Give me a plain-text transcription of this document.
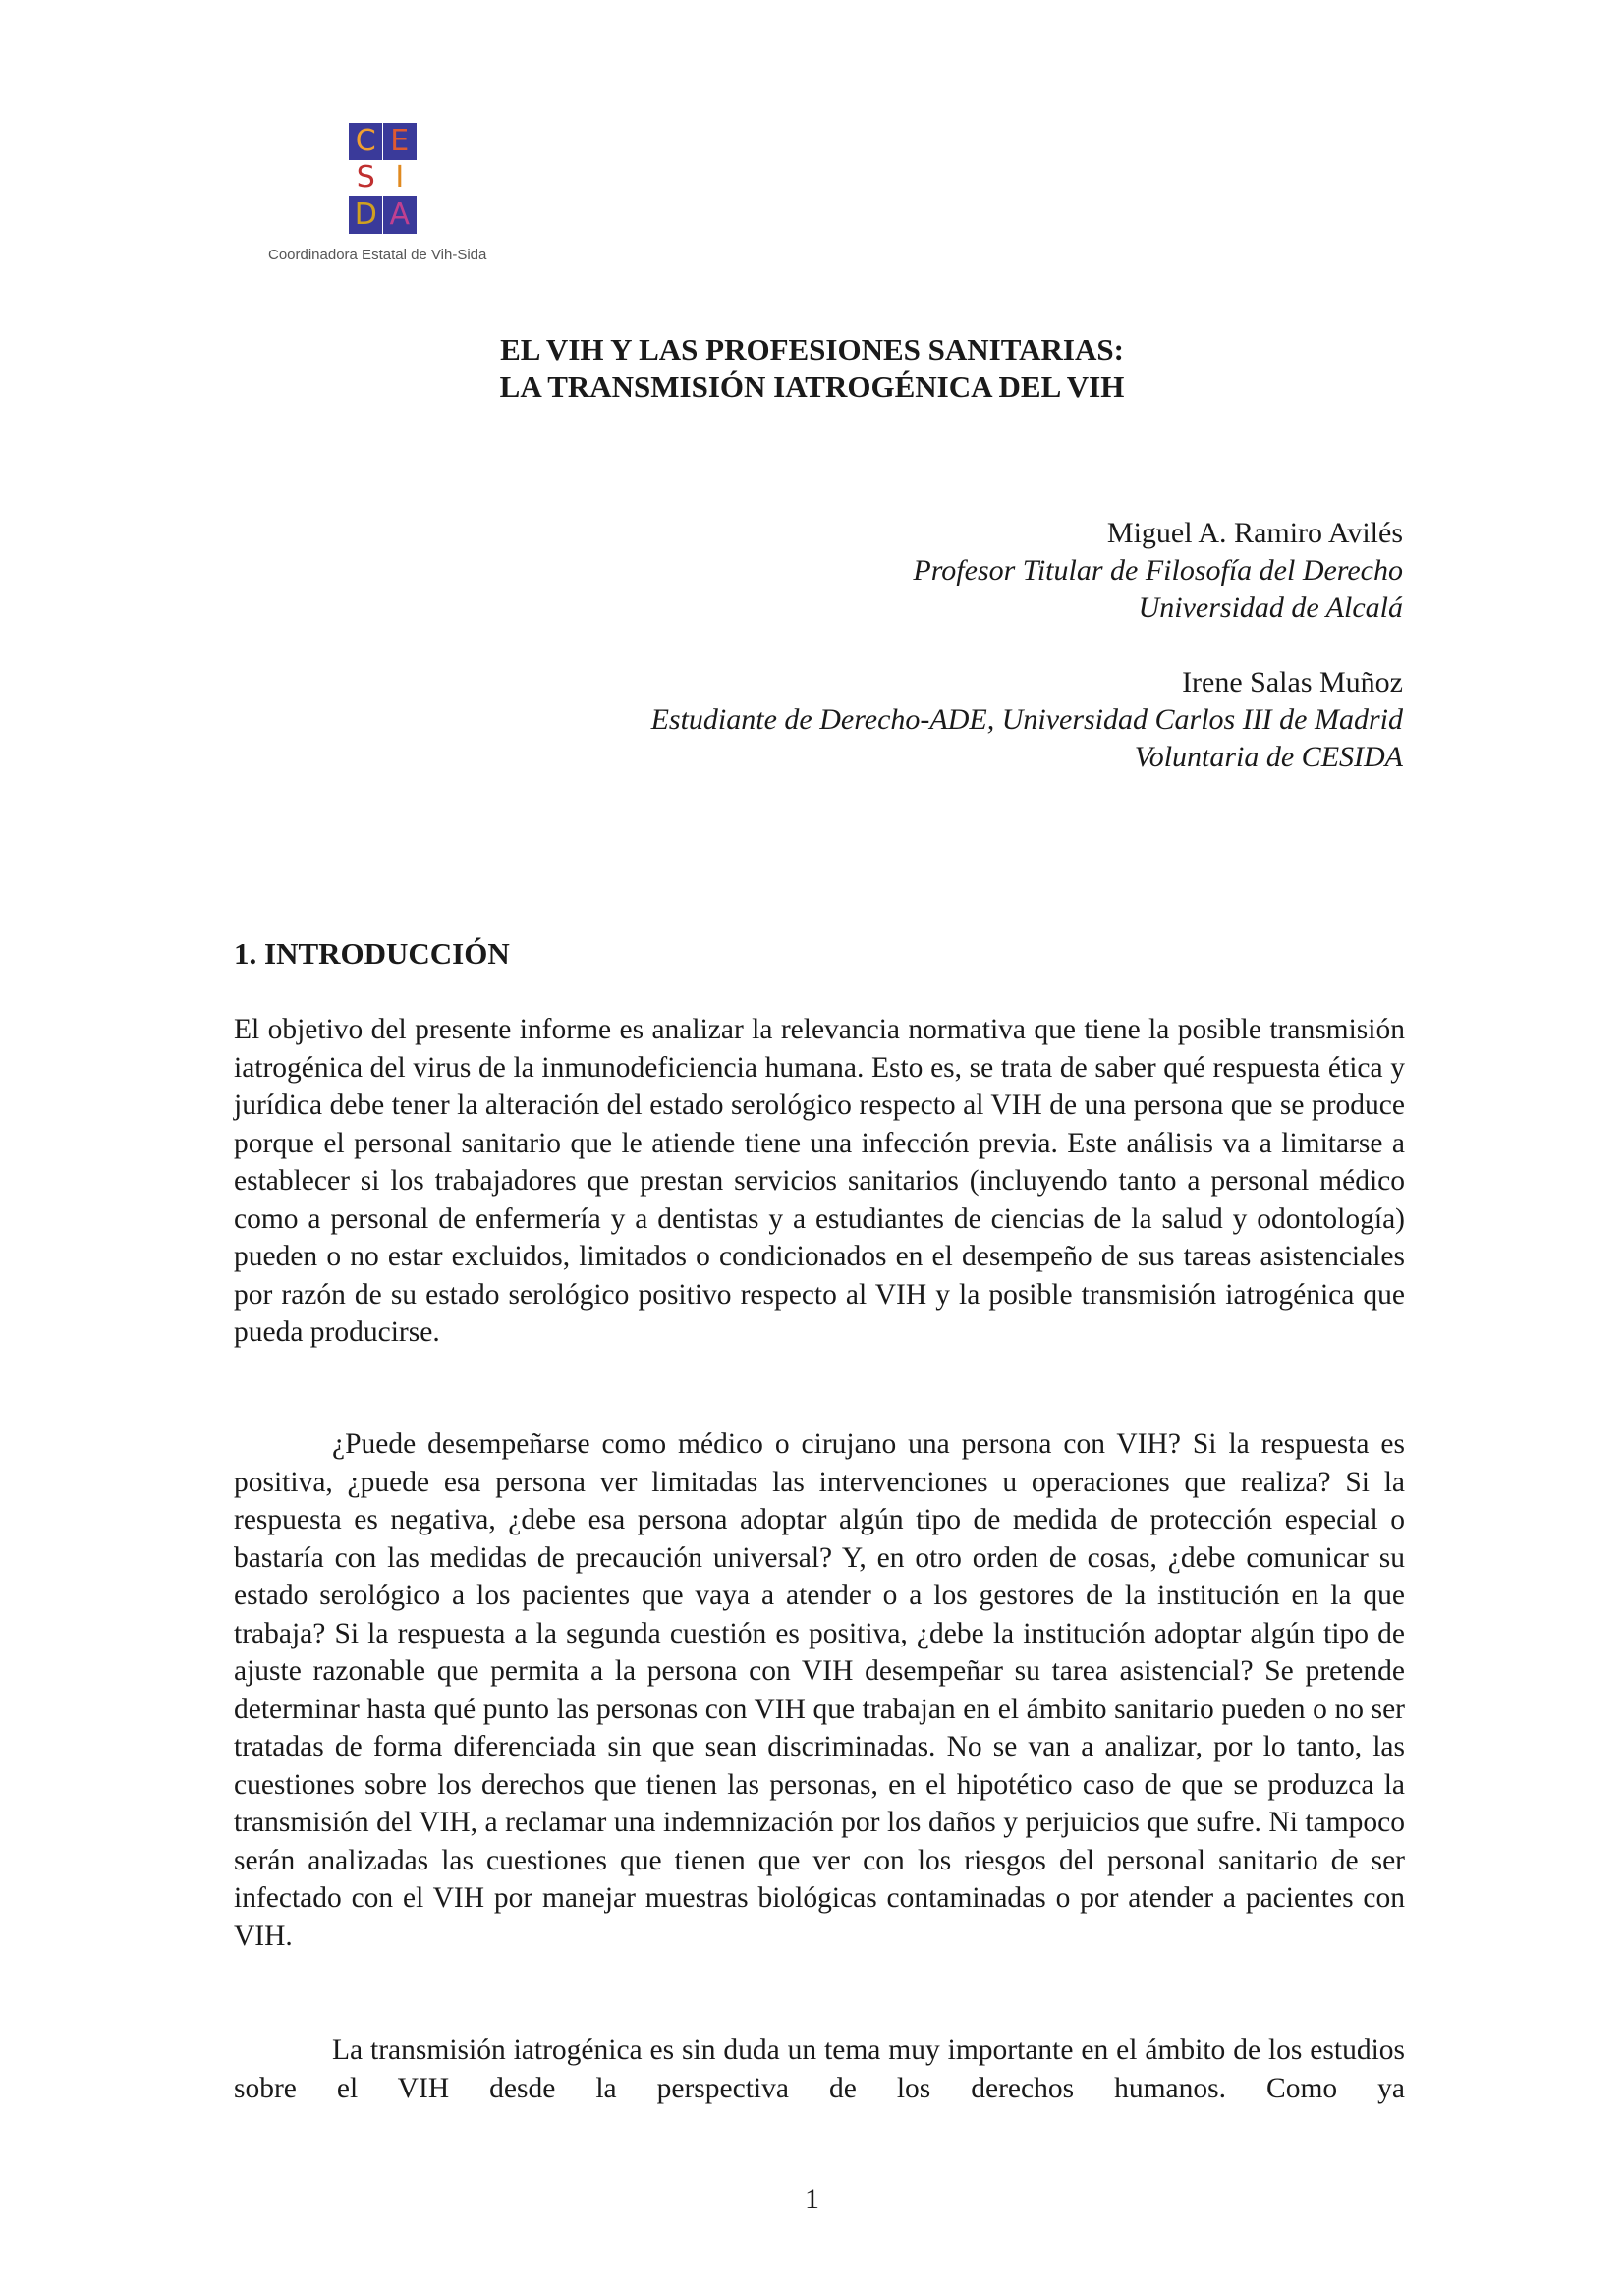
C E
S I
D A
Coordinadora Estatal de Vih-Sida
EL VIH Y LAS PROFESIONES SANITARIAS:
LA TRANSMISIÓN IATROGÉNICA DEL VIH
Miguel A. Ramiro Avilés
Profesor Titular de Filosofía del Derecho
Universidad de Alcalá
Irene Salas Muñoz
Estudiante de Derecho-ADE, Universidad Carlos III de Madrid
Voluntaria de CESIDA
1. INTRODUCCIÓN

El objetivo del presente informe es analizar la relevancia normativa que tiene la posible transmisión iatrogénica del virus de la inmunodeficiencia humana. Esto es, se trata de saber qué respuesta ética y jurídica debe tener la alteración del estado serológico respecto al VIH de una persona que se produce porque el personal sanitario que le atiende tiene una infección previa. Este análisis va a limitarse a establecer si los trabajadores que prestan servicios sanitarios (incluyendo tanto a personal médico como a personal de enfermería y a dentistas y a estudiantes de ciencias de la salud y odontología) pueden o no estar excluidos, limitados o condicionados en el desempeño de sus tareas asistenciales por razón de su estado serológico positivo respecto al VIH y la posible transmisión iatrogénica que pueda producirse.

¿Puede desempeñarse como médico o cirujano una persona con VIH? Si la respuesta es positiva, ¿puede esa persona ver limitadas las intervenciones u operaciones que realiza? Si la respuesta es negativa, ¿debe esa persona adoptar algún tipo de medida de protección especial o bastaría con las medidas de precaución universal? Y, en otro orden de cosas, ¿debe comunicar su estado serológico a los pacientes que vaya a atender o a los gestores de la institución en la que trabaja? Si la respuesta a la segunda cuestión es positiva, ¿debe la institución adoptar algún tipo de ajuste razonable que permita a la persona con VIH desempeñar su tarea asistencial? Se pretende determinar hasta qué punto las personas con VIH que trabajan en el ámbito sanitario pueden o no ser tratadas de forma diferenciada sin que sean discriminadas. No se van a analizar, por lo tanto, las cuestiones sobre los derechos que tienen las personas, en el hipotético caso de que se produzca la transmisión del VIH, a reclamar una indemnización por los daños y perjuicios que sufre. Ni tampoco serán analizadas las cuestiones que tienen que ver con los riesgos del personal sanitario de ser infectado con el VIH por manejar muestras biológicas contaminadas o por atender a pacientes con VIH.

La transmisión iatrogénica es sin duda un tema muy importante en el ámbito de los estudios sobre el VIH desde la perspectiva de los derechos humanos. Como ya

1
